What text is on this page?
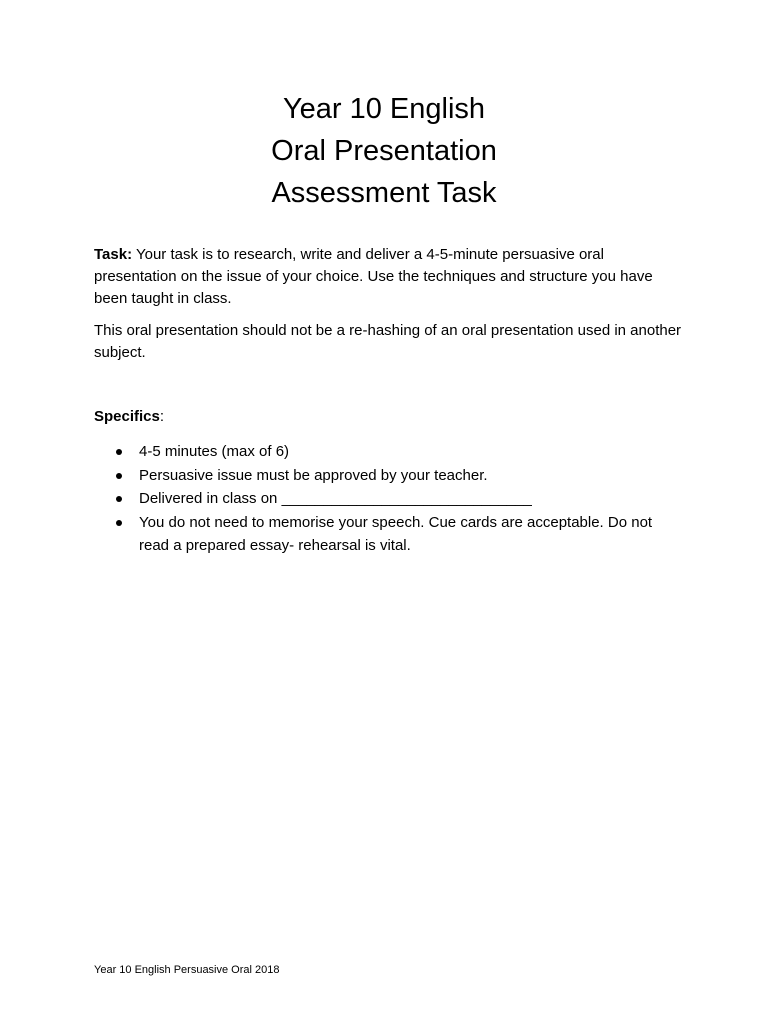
Year 10 English
Oral Presentation
Assessment Task

Task: Your task is to research, write and deliver a 4-5-minute persuasive oral presentation on the issue of your choice. Use the techniques and structure you have been taught in class.

This oral presentation should not be a re-hashing of an oral presentation used in another subject.

Specifics:

4-5 minutes (max of 6)
Persuasive issue must be approved by your teacher.
Delivered in class on ______________________________
You do not need to memorise your speech. Cue cards are acceptable. Do not read a prepared essay- rehearsal is vital.

Year 10 English Persuasive Oral 2018
